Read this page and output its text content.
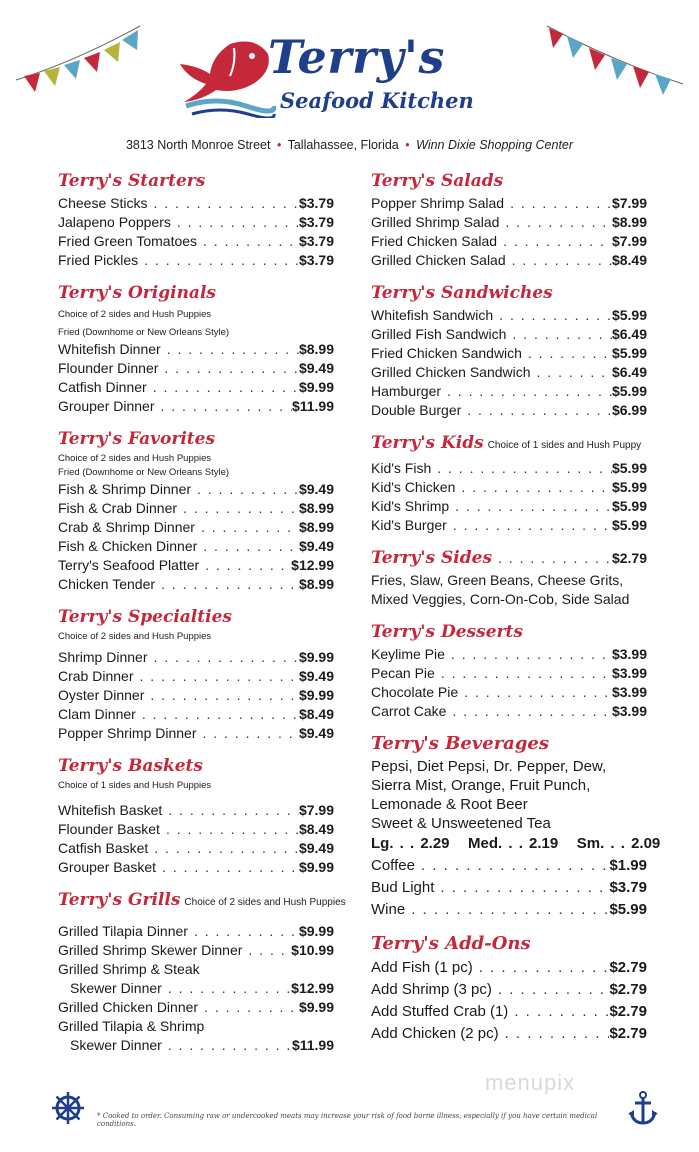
Terry's
Seafood Kitchen
3813 North Monroe Street • Tallahassee, Florida • Winn Dixie Shopping Center
Terry's Starters
Cheese Sticks . . .	$3.79
Jalapeno Poppers . . .	$3.79
Fried Green Tomatoes . . .	$3.79
Fried Pickles . . .	$3.79
Terry's Originals
Choice of 2 sides and Hush Puppies
Fried (Downhome or New Orleans Style)
Whitefish Dinner . . .	$8.99
Flounder Dinner . . .	$9.49
Catfish Dinner . . .	$9.99
Grouper Dinner . . .	$11.99
Terry's Favorites
Choice of 2 sides and Hush Puppies
Fried (Downhome or New Orleans Style)
Fish & Shrimp Dinner . . .	$9.49
Fish & Crab Dinner . . .	$8.99
Crab & Shrimp Dinner . . .	$8.99
Fish & Chicken Dinner . . .	$9.49
Terry's Seafood Platter . . .	$12.99
Chicken Tender . . .	$8.99
Terry's Specialties
Choice of 2 sides and Hush Puppies
Shrimp Dinner . . .	$9.99
Crab Dinner . . .	$9.49
Oyster Dinner . . .	$9.99
Clam Dinner . . .	$8.49
Popper Shrimp Dinner . . .	$9.49
Terry's Baskets
Choice of 1 sides and Hush Puppies
Whitefish Basket . . .	$7.99
Flounder Basket . . .	$8.49
Catfish Basket . . .	$9.49
Grouper Basket . . .	$9.99
Terry's Grills Choice of 2 sides and Hush Puppies
Grilled Tilapia Dinner . . .	$9.99
Grilled Shrimp Skewer Dinner . . .	$10.99
Grilled Shrimp & Steak
Skewer Dinner . . .	$12.99
Grilled Chicken Dinner . . .	$9.99
Grilled Tilapia & Shrimp
Skewer Dinner . . .	$11.99
Terry's Salads
Popper Shrimp Salad . . .	$7.99
Grilled Shrimp Salad . . .	$8.99
Fried Chicken Salad . . .	$7.99
Grilled Chicken Salad . . .	$8.49
Terry's Sandwiches
Whitefish Sandwich . . .	$5.99
Grilled Fish Sandwich . . .	$6.49
Fried Chicken Sandwich . . .	$5.99
Grilled Chicken Sandwich . . .	$6.49
Hamburger . . .	$5.99
Double Burger . . .	$6.99
Terry's Kids Choice of 1 sides and Hush Puppy
Kid's Fish . . .	$5.99
Kid's Chicken . . .	$5.99
Kid's Shrimp . . .	$5.99
Kid's Burger . . .	$5.99
Terry's Sides . . .	$2.79
Fries, Slaw, Green Beans, Cheese Grits,
Mixed Veggies, Corn-On-Cob, Side Salad
Terry's Desserts
Keylime Pie . . .	$3.99
Pecan Pie . . .	$3.99
Chocolate Pie . . .	$3.99
Carrot Cake . . .	$3.99
Terry's Beverages
Pepsi, Diet Pepsi, Dr. Pepper, Dew,
Sierra Mist, Orange, Fruit Punch,
Lemonade & Root Beer
Sweet & Unsweetened Tea
Lg. . . 2.29   Med. . . 2.19   Sm. . . 2.09
Coffee . . .	$1.99
Bud Light . . .	$3.79
Wine . . .	$5.99
Terry's Add-Ons
Add Fish (1 pc) . . .	$2.79
Add Shrimp (3 pc) . . .	$2.79
Add Stuffed Crab (1) . . .	$2.79
Add Chicken (2 pc) . . .	$2.79
menupix
* Cooked to order. Consuming raw or undercooked meats may increase your risk of food borne illness, especially if you have certain medical conditions.
